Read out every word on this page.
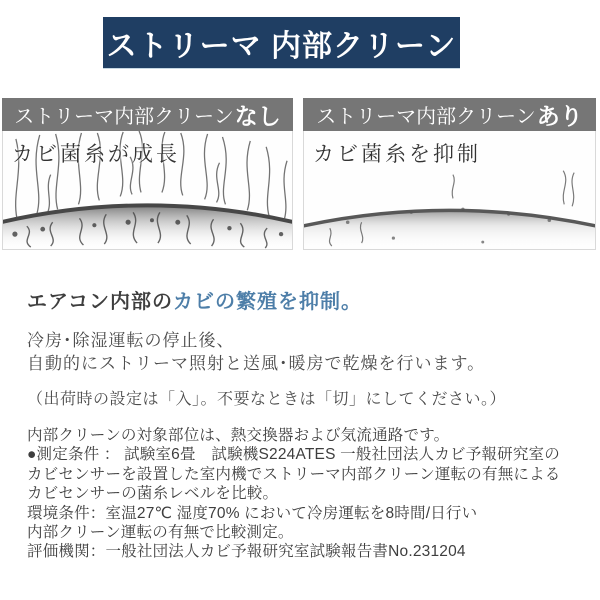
ストリーマ 内部クリーン
ストリーマ内部クリーン なし
カビ菌糸が成長
ストリーマ内部クリーン あり
カビ菌糸を抑制
エアコン内部のカビの繁殖を抑制。
冷房･除湿運転の停止後、
自動的にストリーマ照射と送風･暖房で乾燥を行います。
（出荷時の設定は「入」。不要なときは「切」にしてください。）
内部クリーンの対象部位は、熱交換器および気流通路です。
●測定条件 ： 試験室6畳　試験機S224ATES 一般社団法人カビ予報研究室の
カビセンサーを設置した室内機でストリーマ内部クリーン運転の有無による
カビセンサーの菌糸レベルを比較。
環境条件：室温27℃ 湿度70% において冷房運転を8時間/日行い
内部クリーン運転の有無で比較測定。
評価機関：一般社団法人カビ予報研究室試験報告書No.231204
